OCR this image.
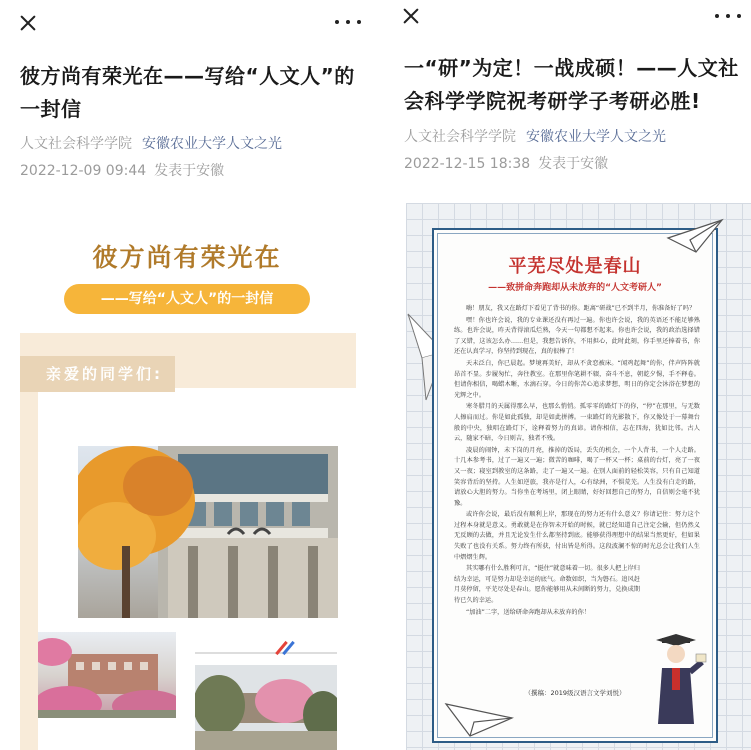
彼方尚有荣光在——写给“人文人”的一封信
人文社会科学学院 安徽农业大学人文之光
2022-12-09 09:44 发表于安徽
彼方尚有荣光在
——写给“人文人”的一封信
亲爱的同学们:
一“研”为定！一战成硕！——人文社会科学学院祝考研学子考研必胜!
人文社会科学学院 安徽农业大学人文之光
2022-12-15 18:38 发表于安徽
平芜尽处是春山
——致拼命奔跑却从未放弃的“人文考研人”

嗨！朋友，我又在路灯下看见了背书的你。距离“研战”已不到半月，你准备好了吗？

嘿！你也许会说，我的专业课还没有再过一遍。你也许会说，我的英语还不能足够熟练。也许会说，昨天背得滚瓜烂熟，今天一句都想不起来。你也许会说，我的政治选择错了又错，这该怎么办……但是，我想告诉你，不用担心，此时此刻，你手里还捧着书，你还在认真学习，你坚持到现在，真的很棒了！

天未泛白，你已晨起。梦境再美好，却从不贪恋被床。“闻鸡起舞”的你，伴声阵阵就昂首不显。步履匆忙，奔往教室。在那里你笔耕不辍，奋斗不息，朝乾夕惕，手不释卷。但请你相信，喝蜡木晰，水滴石穿。今日的你苦心追求梦想，明日的你定会沐浴在梦想的光辉之中。

寒冬腊月的天属得那么早，也那么悄悄。孤零零的路灯下的你，“停”在那里，与无数人擦肩而过。你是如此孤独，却是如此拼搏。一束路灯的光影散下，你又像处于一幕舞台般的中央，独唱在路灯下，诠释着努力的真谛。请你相信，志在四海，犹如比邻。古人云，随家不暗，今日则吉，独者不残。

凌晨的闹钟，未下岗的月亮，推掉的饭局，丢失的机会，一个人背书，一个人走路。十几本参考书，过了一遍又一遍；微苦的咖啡，喝了一杯又一杯；桌前的台灯，亮了一夜又一夜；寝室到教室的这条路，走了一遍又一遍。在别人面前的轻松笑容，只有自己知道笑容背后的坚持。人生如逆旅，我亦是行人，心有绿洲，不惧荒芜。人生没有白走的路，请放心大胆的努力。当你坐在考场里，闭上眼睛，好好回想自己的努力，自信则会毫不犹豫。

或许你会说，最后没有顺利上岸，那现在的努力还有什么意义？你请记住：努力这个过程本身就是意义。勇敢就是在你智未开始的时候，就已经知道自己注定会输，但仍然义无反顾的去做，并且无论发生什么都坚持到底。能够获得理想中的结果当然更好，但如果失败了也没有关系。努力终有所获，付出皆是所得。这段波澜不惊的时光总会让我们人生中熠熠生辉。

其实哪有什么胜利可言，“挺住”就意味着一切。很多人把上岸归结为幸运，可是努力却是幸运的底气。命数如织，当为磐石。追风赶月莫停留，平芜尽处是春山。愿你能够用从未间断的努力，兑换成期待已久的幸运。

“加油”二字，送给研命奔跑却从未放弃的你！

（撰稿：2019级汉语言文学刘悦）
